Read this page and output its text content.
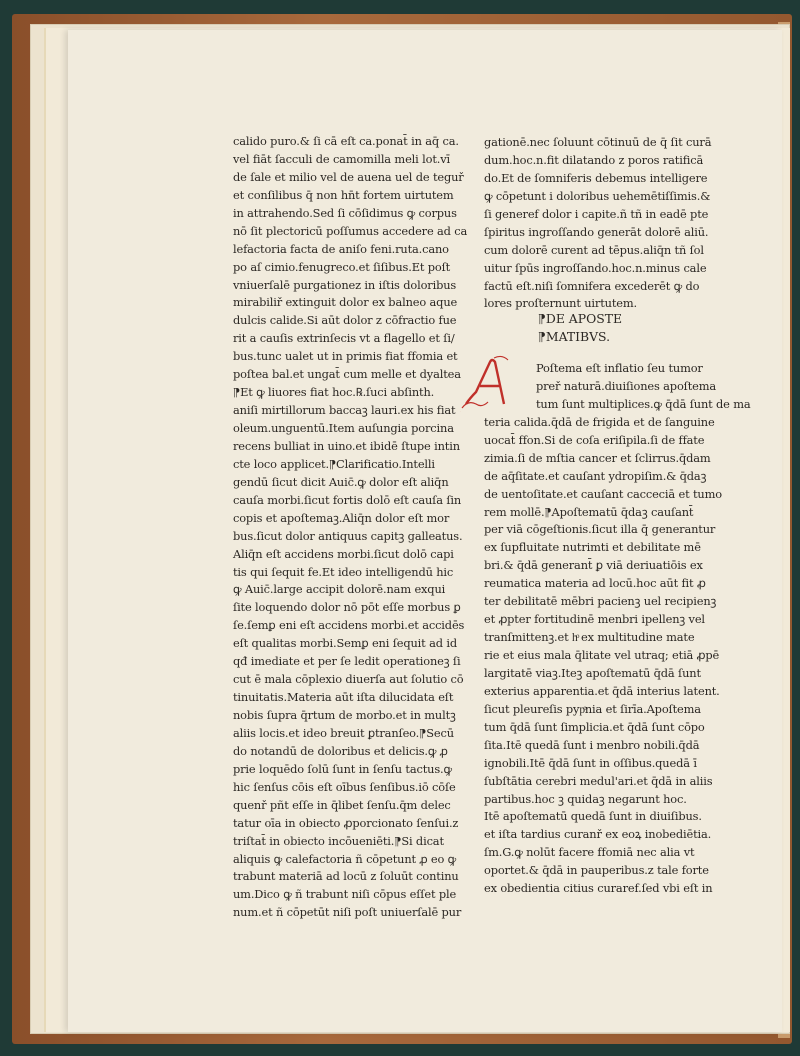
calido puro.& ſi cā eſt ca.ponat̄ in aq̄ ca.
vel fiāt ſacculi de camomilla meli lot.vī
de ſale et milio vel de auena uel de teguř
et conſilibus q̄ non hn̄t fortem uirtutem
in attrahendo.Sed ſi cōſidimus ꝙ corpus
nō ſit plectoricū poſſumus accedere ad ca
lefactoria facta de aniſo feni.ruta.cano
po aſ cimio.fenugreco.et ſiſibus.Et poſt
vniuerſalē purgationez in iſtis doloribus
mirabiliř extinguit dolor ex balneo aque
dulcis calide.Si aūt dolor z cōfractio fue
rit a cauſis extrinſecis vt a flagello et ſi/
bus.tunc ualet ut in primis fiat ffomia et
poſtea bal.et ungat̄ cum melle et dyaltea
⁋Et ꝙ liuores fiat hoc.℞.ſuci abſinth.
aniſi mirtillorum baccaꝫ lauri.ex his fiat
oleum.unguentū.Item auſungia porcina
recens bulliat in uino.et ibidē ſtupe intin
cte loco applicet.⁋Clarificatio.Intelli
gendū ſicut dicit Auic̄.ꝙ dolor eſt aliq̄n
cauſa morbi.ſicut fortis dolō eſt cauſa ſin
copis et apoſtemaꝫ.Aliq̄n dolor eſt mor
bus.ſicut dolor antiquus capitꝫ galleatus.
Aliq̄n eſt accidens morbi.ſicut dolō capi
tis qui ſequit fe.Et ideo intelligendū hic
ꝙ Auic̄.large accipit dolorē.nam exqui
ſite loquendo dolor nō pōt eſſe morbus ꝑ
ſe.ſemꝑ eni eſt accidens morbi.et accidēs
eſt qualitas morbi.Semꝑ eni ſequit ad id
qđ imediate et per ſe ledit operationeꝫ ſi
cut ē mala cōplexio diuerſa aut ſolutio cō
tinuitatis.Materia aūt iſta dilucidata eſt
nobis ſupra q̄rtum de morbo.et in multꝫ
aliis locis.et ideo breuit ꝑtranſeo.⁋Secū
do notandū de doloribus et delicis.ꝙ ꝓ
prie loquēdo ſolū ſunt in ſenſu tactus.ꝙ
hic ſenſus cōis eſt oībus ſenſibus.iō cōſe
quenř pñt eſſe in q̄libet ſenſu.q̄m delec
tatur oīa in obiecto ꝓporcionato ſenſui.z
triſtat̄ in obiecto incōueniēti.⁋Si dicat
aliquis ꝙ calefactoria ñ cōpetunt ꝓ eo ꝙ
trabunt materiā ad locū z ſoluūt continu
um.Dico ꝙ ñ trabunt niſi cōpus eſſet ple
num.et ñ cōpetūt niſi poſt uniuerſalē pur
gationē.nec ſoluunt cōtinuū de q̄ ſit curā
dum.hoc.n.fit dilatando z poros ratificā
do.Et de ſomniferis debemus intelligere
ꝙ cōpetunt i doloribus uehemētiſſimis.&
ſi generef dolor i capite.ñ tñ in eadē pte
ſpiritus ingroſſando generāt dolorē aliū.
cum dolorē curent ad tēpus.aliq̄n tñ ſol
uitur ſpūs ingroſſando.hoc.n.minus cale
factū eſt.niſi ſomnifera excederēt ꝙ do
lores proſternunt uirtutem.
⁋DE APOSTE
⁋MATIBVS.
A
Poſtema eſt inflatio ſeu tumor
preř naturā.diuiſiones apoſtema
tum ſunt multiplices.ꝙ q̄dā ſunt de ma
teria calida.q̄dā de frigida et de ſanguine
uocat̄ ffon.Si de coſa eriſipila.ſi de ffate
zimia.ſi de mſtia cancer et ſclirrus.q̄dam
de aq̄ſitate.et cauſant ydropiſim.& q̄daꝫ
de uentoſitate.et cauſant cacceciā et tumo
rem mollē.⁋Apoſtematū q̄daꝫ cauſant̄
per viā cōgeſtionis.ſicut illa q̄ generantur
ex ſupfluitate nutrimti et debilitate mē
bri.& q̄dā generant̄ ꝑ viā deriuatiōis ex
reumatica materia ad locū.hoc aūt fit ꝓ
ter debilitatē mēbri pacienꝫ uel recipienꝫ
et ꝓpter fortitudinē menbri ipellenꝫ vel
tranſmittenꝫ.et hͦ ex multitudine mate
rie et eius mala q̄litate vel utraq; etiā ꝓpē
largitatē viaꝫ.Iteꝫ apoſtematū q̄dā ſunt
exterius apparentia.et q̄dā interius latent.
ſicut pleureſis pypͦnia et ſirīa.Apoſtema
tum q̄dā ſunt ſimplicia.et q̄dā ſunt cōpo
ſita.Itē quedā ſunt i menbro nobili.q̄dā
ignobili.Itē q̄dā ſunt in oſſibus.quedā ī
ſubſtātia cerebri medul'ari.et q̄dā in aliis
partibus.hoc ꝫ quidaꝫ negarunt hoc.
Itē apoſtematū quedā ſunt in diuiſibus.
et iſta tardius curanř ex eoꝝ inobediētia.
ſm.G.ꝙ nolūt facere ffomiā nec alia vt
oportet.& q̄dā in pauperibus.z tale forte
ex obedientia citius curaref.ſed vbi eſt in
